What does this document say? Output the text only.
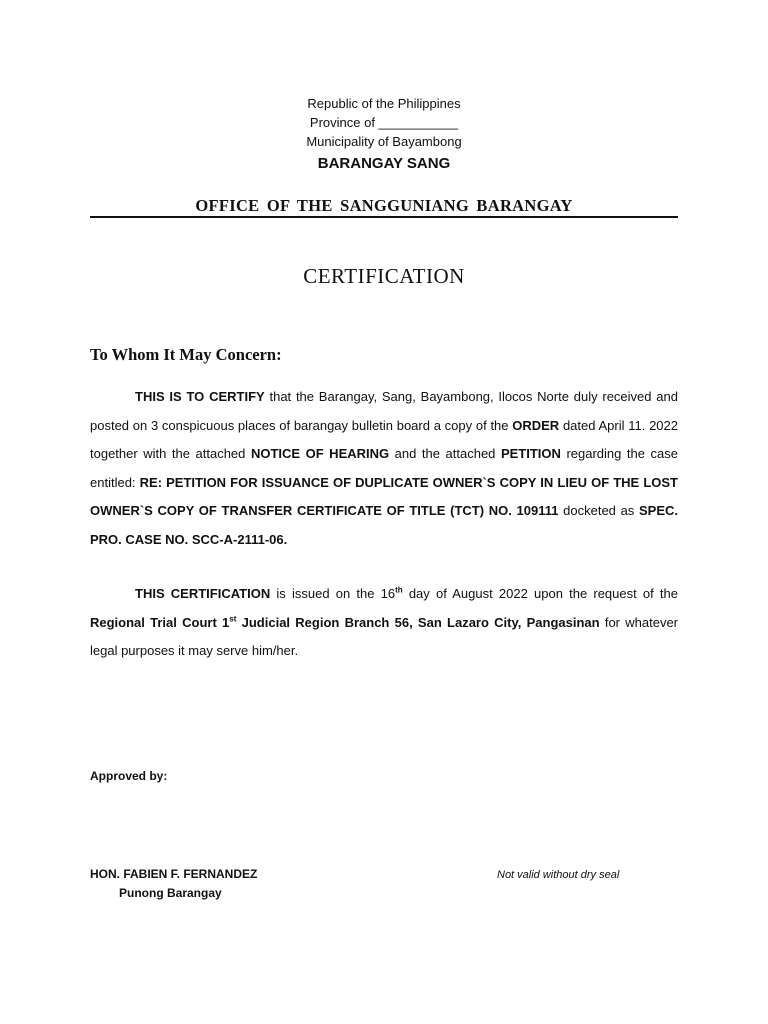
Republic of the Philippines
Province of ___________
Municipality of Bayambong
BARANGAY SANG
OFFICE OF THE SANGGUNIANG BARANGAY
CERTIFICATION
To Whom It May Concern:
THIS IS TO CERTIFY that the Barangay, Sang, Bayambong, Ilocos Norte duly received and posted on 3 conspicuous places of barangay bulletin board a copy of the ORDER dated April 11. 2022 together with the attached NOTICE OF HEARING and the attached PETITION regarding the case entitled: RE: PETITION FOR ISSUANCE OF DUPLICATE OWNER`S COPY IN LIEU OF THE LOST OWNER`S COPY OF TRANSFER CERTIFICATE OF TITLE (TCT) NO. 109111 docketed as SPEC. PRO. CASE NO. SCC-A-2111-06.
THIS CERTIFICATION is issued on the 16th day of August 2022 upon the request of the Regional Trial Court 1st Judicial Region Branch 56, San Lazaro City, Pangasinan for whatever legal purposes it may serve him/her.
Approved by:
HON. FABIEN F. FERNANDEZ
Punong Barangay
Not valid without dry seal
